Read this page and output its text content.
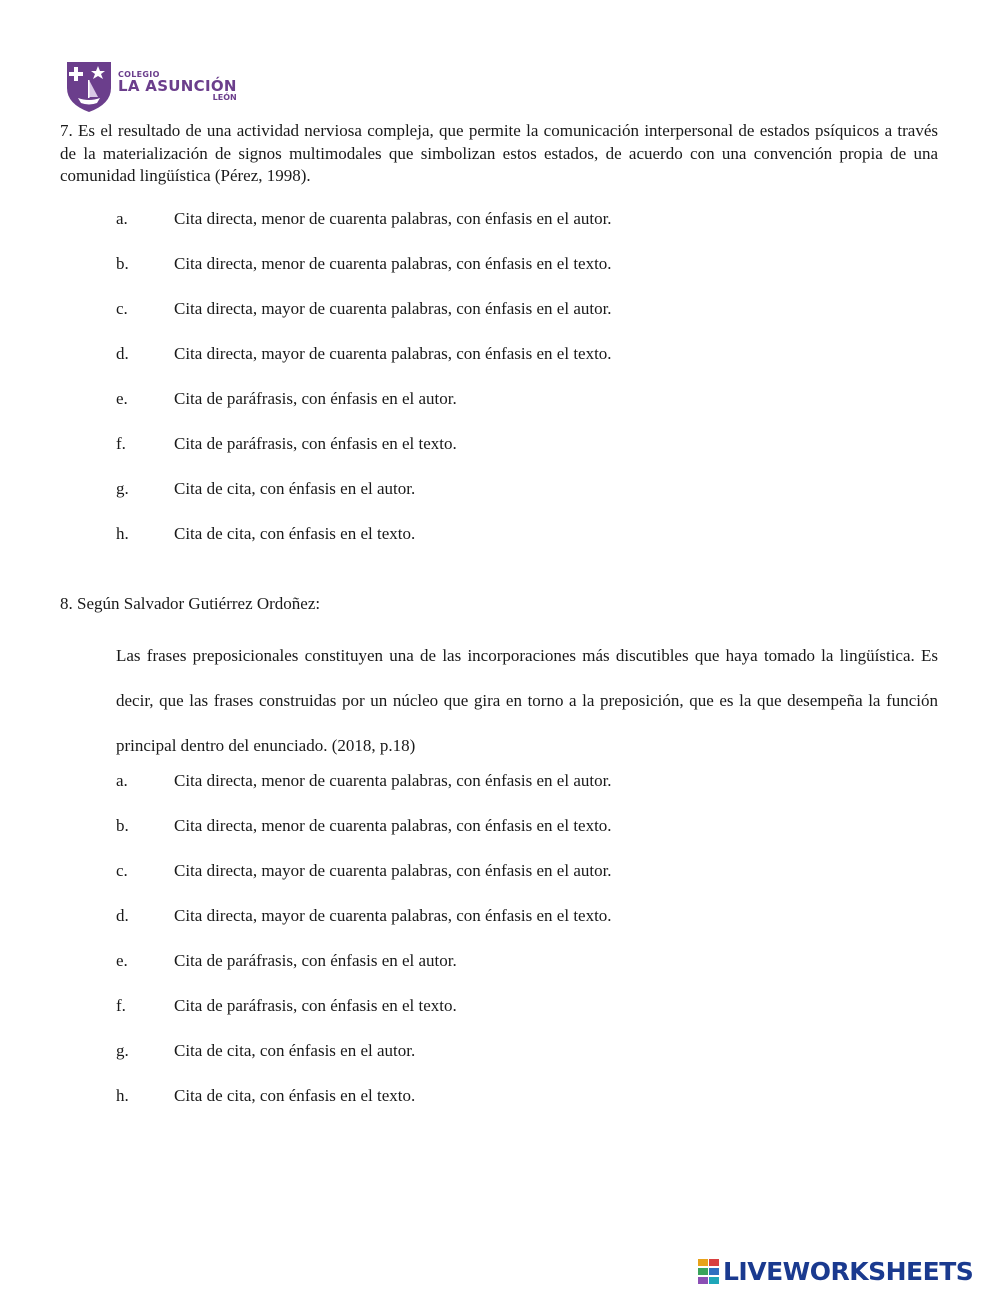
COLEGIO
LA ASUNCIÓN
LEÓN
7. Es el resultado de una actividad nerviosa compleja, que permite la comunicación interpersonal de estados psíquicos a través de la materialización de signos multimodales que simbolizan estos estados, de acuerdo con una convención propia de una comunidad lingüística (Pérez, 1998).
a.	Cita directa, menor de cuarenta palabras, con énfasis en el autor.
b.	Cita directa, menor de cuarenta palabras, con énfasis en el texto.
c.	Cita directa, mayor de cuarenta palabras, con énfasis en el autor.
d.	Cita directa, mayor de cuarenta palabras, con énfasis en el texto.
e.	Cita de paráfrasis, con énfasis en el autor.
f.	Cita de paráfrasis, con énfasis en el texto.
g.	Cita de cita, con énfasis en el autor.
h.	Cita de cita, con énfasis en el texto.
8. Según Salvador Gutiérrez Ordoñez:
Las frases preposicionales constituyen una de las incorporaciones más discutibles que haya tomado la lingüística. Es decir, que las frases construidas por un núcleo que gira en torno a la preposición, que es la que desempeña la función principal dentro del enunciado. (2018, p.18)
a.	Cita directa, menor de cuarenta palabras, con énfasis en el autor.
b.	Cita directa, menor de cuarenta palabras, con énfasis en el texto.
c.	Cita directa, mayor de cuarenta palabras, con énfasis en el autor.
d.	Cita directa, mayor de cuarenta palabras, con énfasis en el texto.
e.	Cita de paráfrasis, con énfasis en el autor.
f.	Cita de paráfrasis, con énfasis en el texto.
g.	Cita de cita, con énfasis en el autor.
h.	Cita de cita, con énfasis en el texto.
LIVEWORKSHEETS
